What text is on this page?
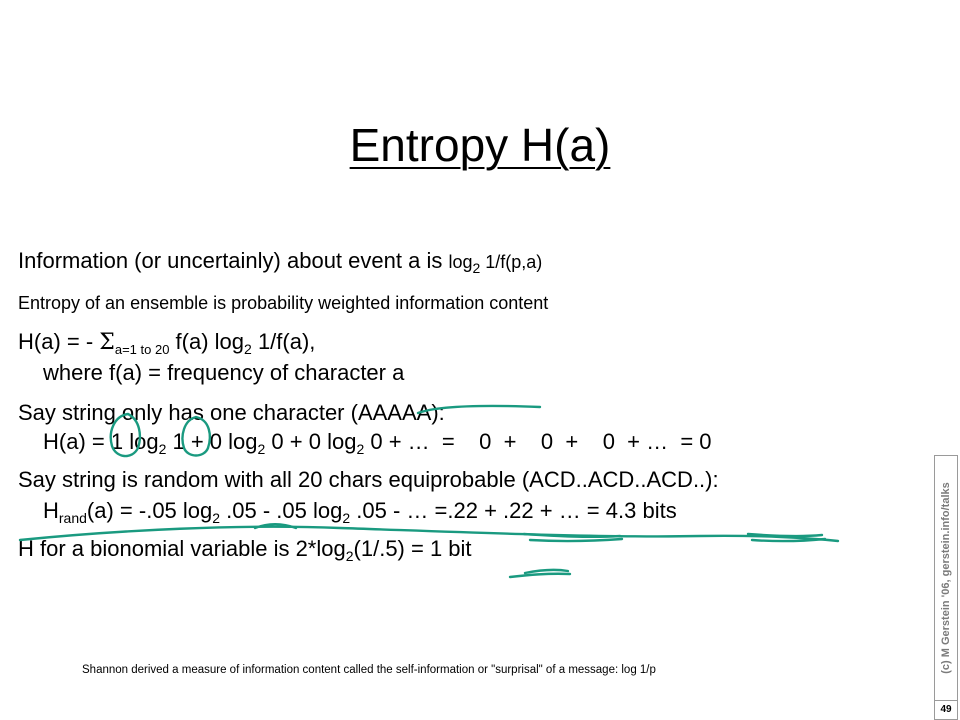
Entropy H(a)
Information (or uncertainly) about event a is $\log_2 1/f(p,a)$
Entropy of an ensemble is probability weighted information content
H(a) = - $\Sigma_{a=1 to 20}$ f(a) $\log_2 1/f(a)$,
where f(a) = frequency of character a
Say string only has one character (AAAAA):
H(a) = 1 $\log_2 1 + 0$ $\log_2 0 + 0$ $\log_2 0$ + …  =    0  +    0  +    0  + …  = 0
Say string is random with all 20 chars equiprobable (ACD..ACD..ACD..):
$H_{rand}(a) = -.05$ $\log_2 .05 - .05$ $\log_2 .05$ - … =.22 + .22 + … = 4.3 bits
H for a bionomial variable is $2*\log_2(1/.5) = 1$ bit
Shannon derived a measure of information content called the self-information or "surprisal" of a message: log 1/p	(c) M Gerstein '06, gerstein.info/talks
49
